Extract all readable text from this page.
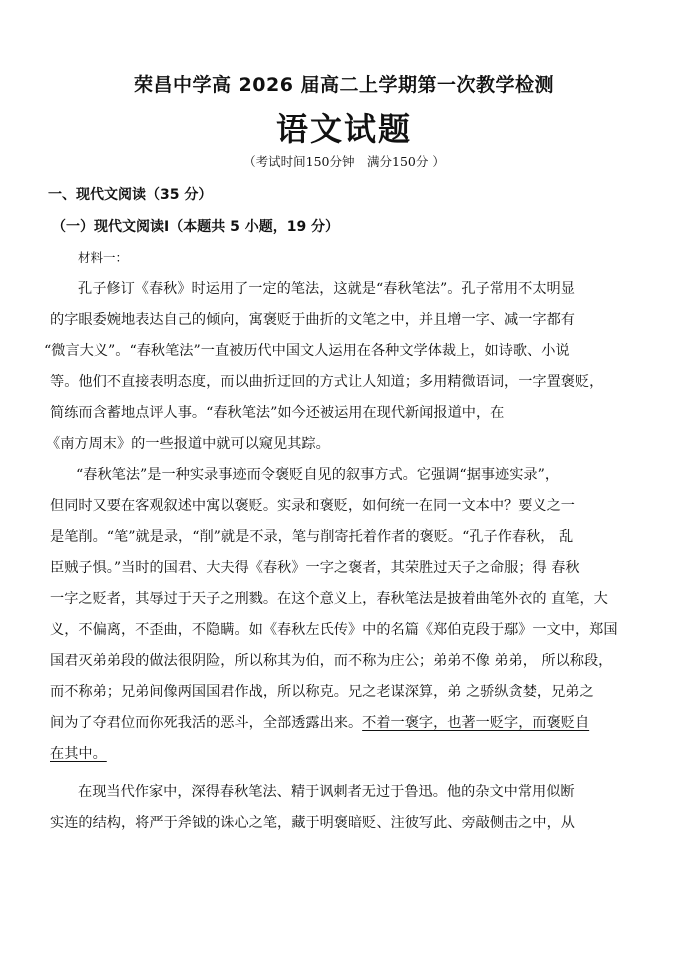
荣昌中学高 2026 届高二上学期第一次教学检测
语文试题
（考试时间150分钟　满分150分 ）
一、现代文阅读（35 分）
（一）现代文阅读Ⅰ（本题共 5 小题，19 分）
材料一：
孔子修订《春秋》时运用了一定的笔法，这就是“春秋笔法”。孔子常用不太明显
的字眼委婉地表达自己的倾向，寓褒贬于曲折的文笔之中，并且增一字、减一字都有
“微言大义”。“春秋笔法”一直被历代中国文人运用在各种文学体裁上，如诗歌、小说
等。他们不直接表明态度，而以曲折迂回的方式让人知道；多用精微语词，一字置褒贬，
简练而含蓄地点评人事。“春秋笔法”如今还被运用在现代新闻报道中，在
《南方周末》的一些报道中就可以窥见其踪。
“春秋笔法”是一种实录事迹而令褒贬自见的叙事方式。它强调“据事迹实录”，
但同时又要在客观叙述中寓以褒贬。实录和褒贬，如何统一在同一文本中？要义之一
是笔削。“笔”就是录，“削”就是不录，笔与削寄托着作者的褒贬。“孔子作春秋， 乱
臣贼子惧。”当时的国君、大夫得《春秋》一字之褒者，其荣胜过天子之命服；得 春秋
一字之贬者，其辱过于天子之刑戮。在这个意义上，春秋笔法是披着曲笔外衣的 直笔，大
义，不偏离，不歪曲，不隐瞒。如《春秋左氏传》中的名篇《郑伯克段于鄢》一文中，郑国
国君灭弟弟段的做法很阴险，所以称其为伯，而不称为庄公；弟弟不像 弟弟， 所以称段，
而不称弟；兄弟间像两国国君作战，所以称克。兄之老谋深算，弟 之骄纵贪婪，兄弟之
间为了夺君位而你死我活的恶斗，全部透露出来。不着一褒字，也著一贬字，而褒贬自
在其中。
在现当代作家中，深得春秋笔法、精于讽刺者无过于鲁迅。他的杂文中常用似断
实连的结构，将严于斧钺的诛心之笔，藏于明褒暗贬、注彼写此、旁敲侧击之中，从
